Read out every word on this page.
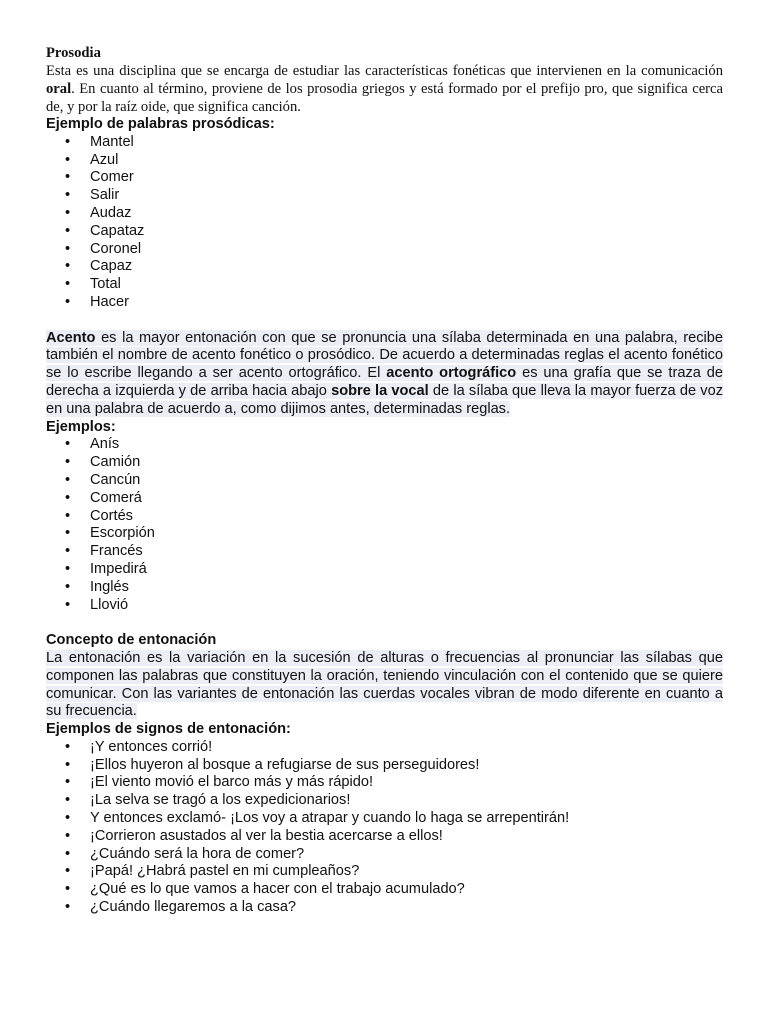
Prosodia

Esta es una disciplina que se encarga de estudiar las características fonéticas que intervienen en la comunicación oral. En cuanto al término, proviene de los prosodia griegos y está formado por el prefijo pro, que significa cerca de, y por la raíz oide, que significa canción.

Ejemplo de palabras prosódicas:
• Mantel
• Azul
• Comer
• Salir
• Audaz
• Capataz
• Coronel
• Capaz
• Total
• Hacer

Acento es la mayor entonación con que se pronuncia una sílaba determinada en una palabra, recibe también el nombre de acento fonético o prosódico. De acuerdo a determinadas reglas el acento fonético se lo escribe llegando a ser acento ortográfico. El acento ortográfico es una grafía que se traza de derecha a izquierda y de arriba hacia abajo sobre la vocal de la sílaba que lleva la mayor fuerza de voz en una palabra de acuerdo a, como dijimos antes, determinadas reglas.

Ejemplos:
• Anís
• Camión
• Cancún
• Comerá
• Cortés
• Escorpión
• Francés
• Impedirá
• Inglés
• Llovió
Concepto de entonación

La entonación es la variación en la sucesión de alturas o frecuencias al pronunciar las sílabas que componen las palabras que constituyen la oración, teniendo vinculación con el contenido que se quiere comunicar. Con las variantes de entonación las cuerdas vocales vibran de modo diferente en cuanto a su frecuencia.

Ejemplos de signos de entonación:
• ¡Y entonces corrió!
• ¡Ellos huyeron al bosque a refugiarse de sus perseguidores!
• ¡El viento movió el barco más y más rápido!
• ¡La selva se tragó a los expedicionarios!
• Y entonces exclamó- ¡Los voy a atrapar y cuando lo haga se arrepentirán!
• ¡Corrieron asustados al ver la bestia acercarse a ellos!
• ¿Cuándo será la hora de comer?
• ¡Papá! ¿Habrá pastel en mi cumpleaños?
• ¿Qué es lo que vamos a hacer con el trabajo acumulado?
• ¿Cuándo llegaremos a la casa?
